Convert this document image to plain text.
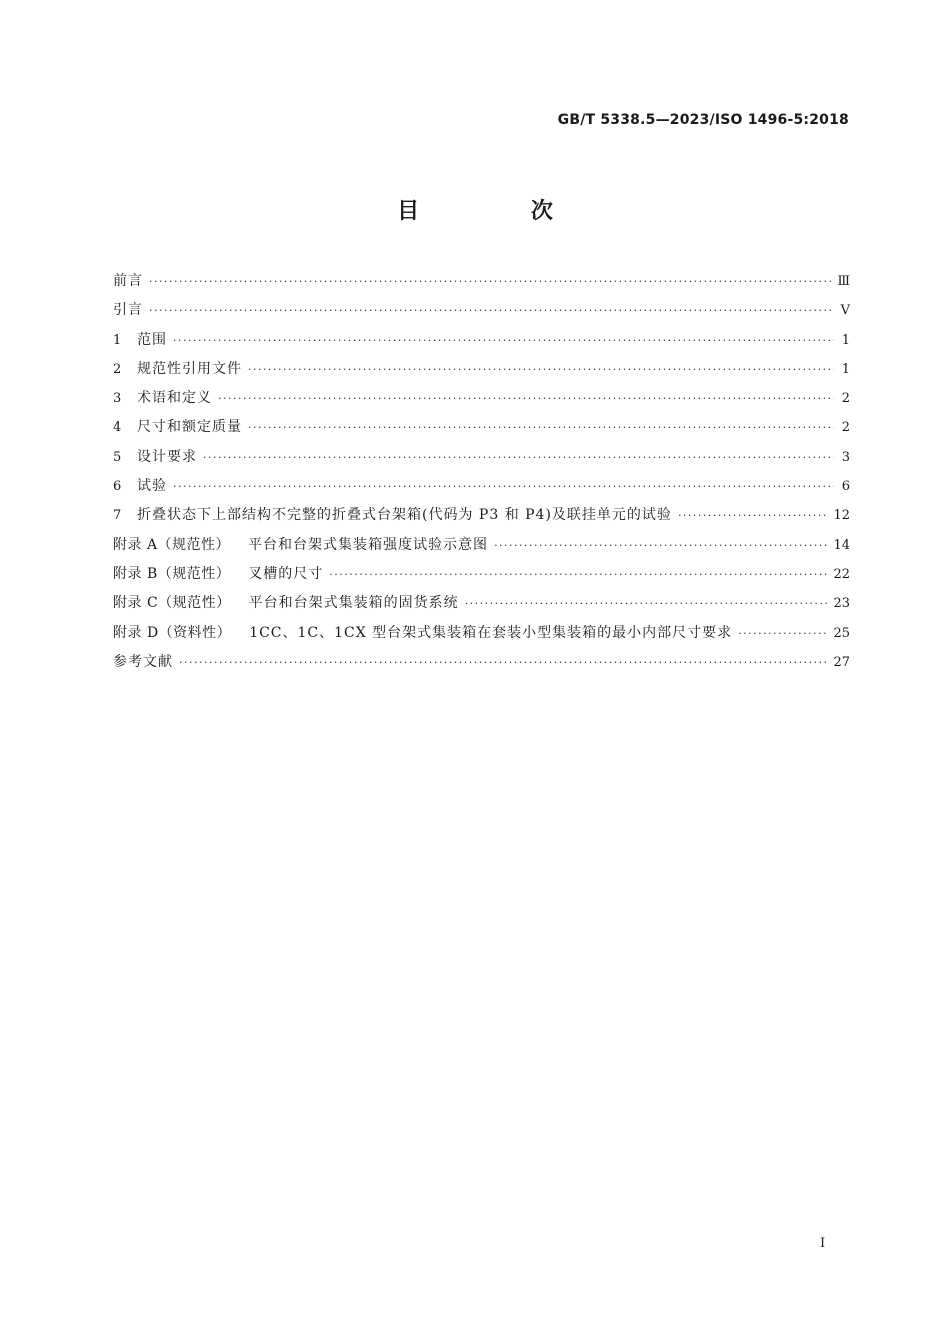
GB/T 5338.5—2023/ISO 1496-5:2018
目 次
前言 ·····	Ⅲ
引言 ·····	Ⅴ
1	范围 ·····	1
2	规范性引用文件 ·····	1
3	术语和定义 ·····	2
4	尺寸和额定质量 ·····	2
5	设计要求 ·····	3
6	试验 ·····	6
7	折叠状态下上部结构不完整的折叠式台架箱(代码为 P3 和 P4)及联挂单元的试验 ·····	12
附录 A（规范性） 平台和台架式集装箱强度试验示意图 ·····	14
附录 B（规范性） 叉槽的尺寸 ·····	22
附录 C（规范性） 平台和台架式集装箱的固货系统 ·····	23
附录 D（资料性） 1CC、1C、1CX 型台架式集装箱在套装小型集装箱的最小内部尺寸要求 ·····	25
参考文献 ·····	27
Ⅰ
